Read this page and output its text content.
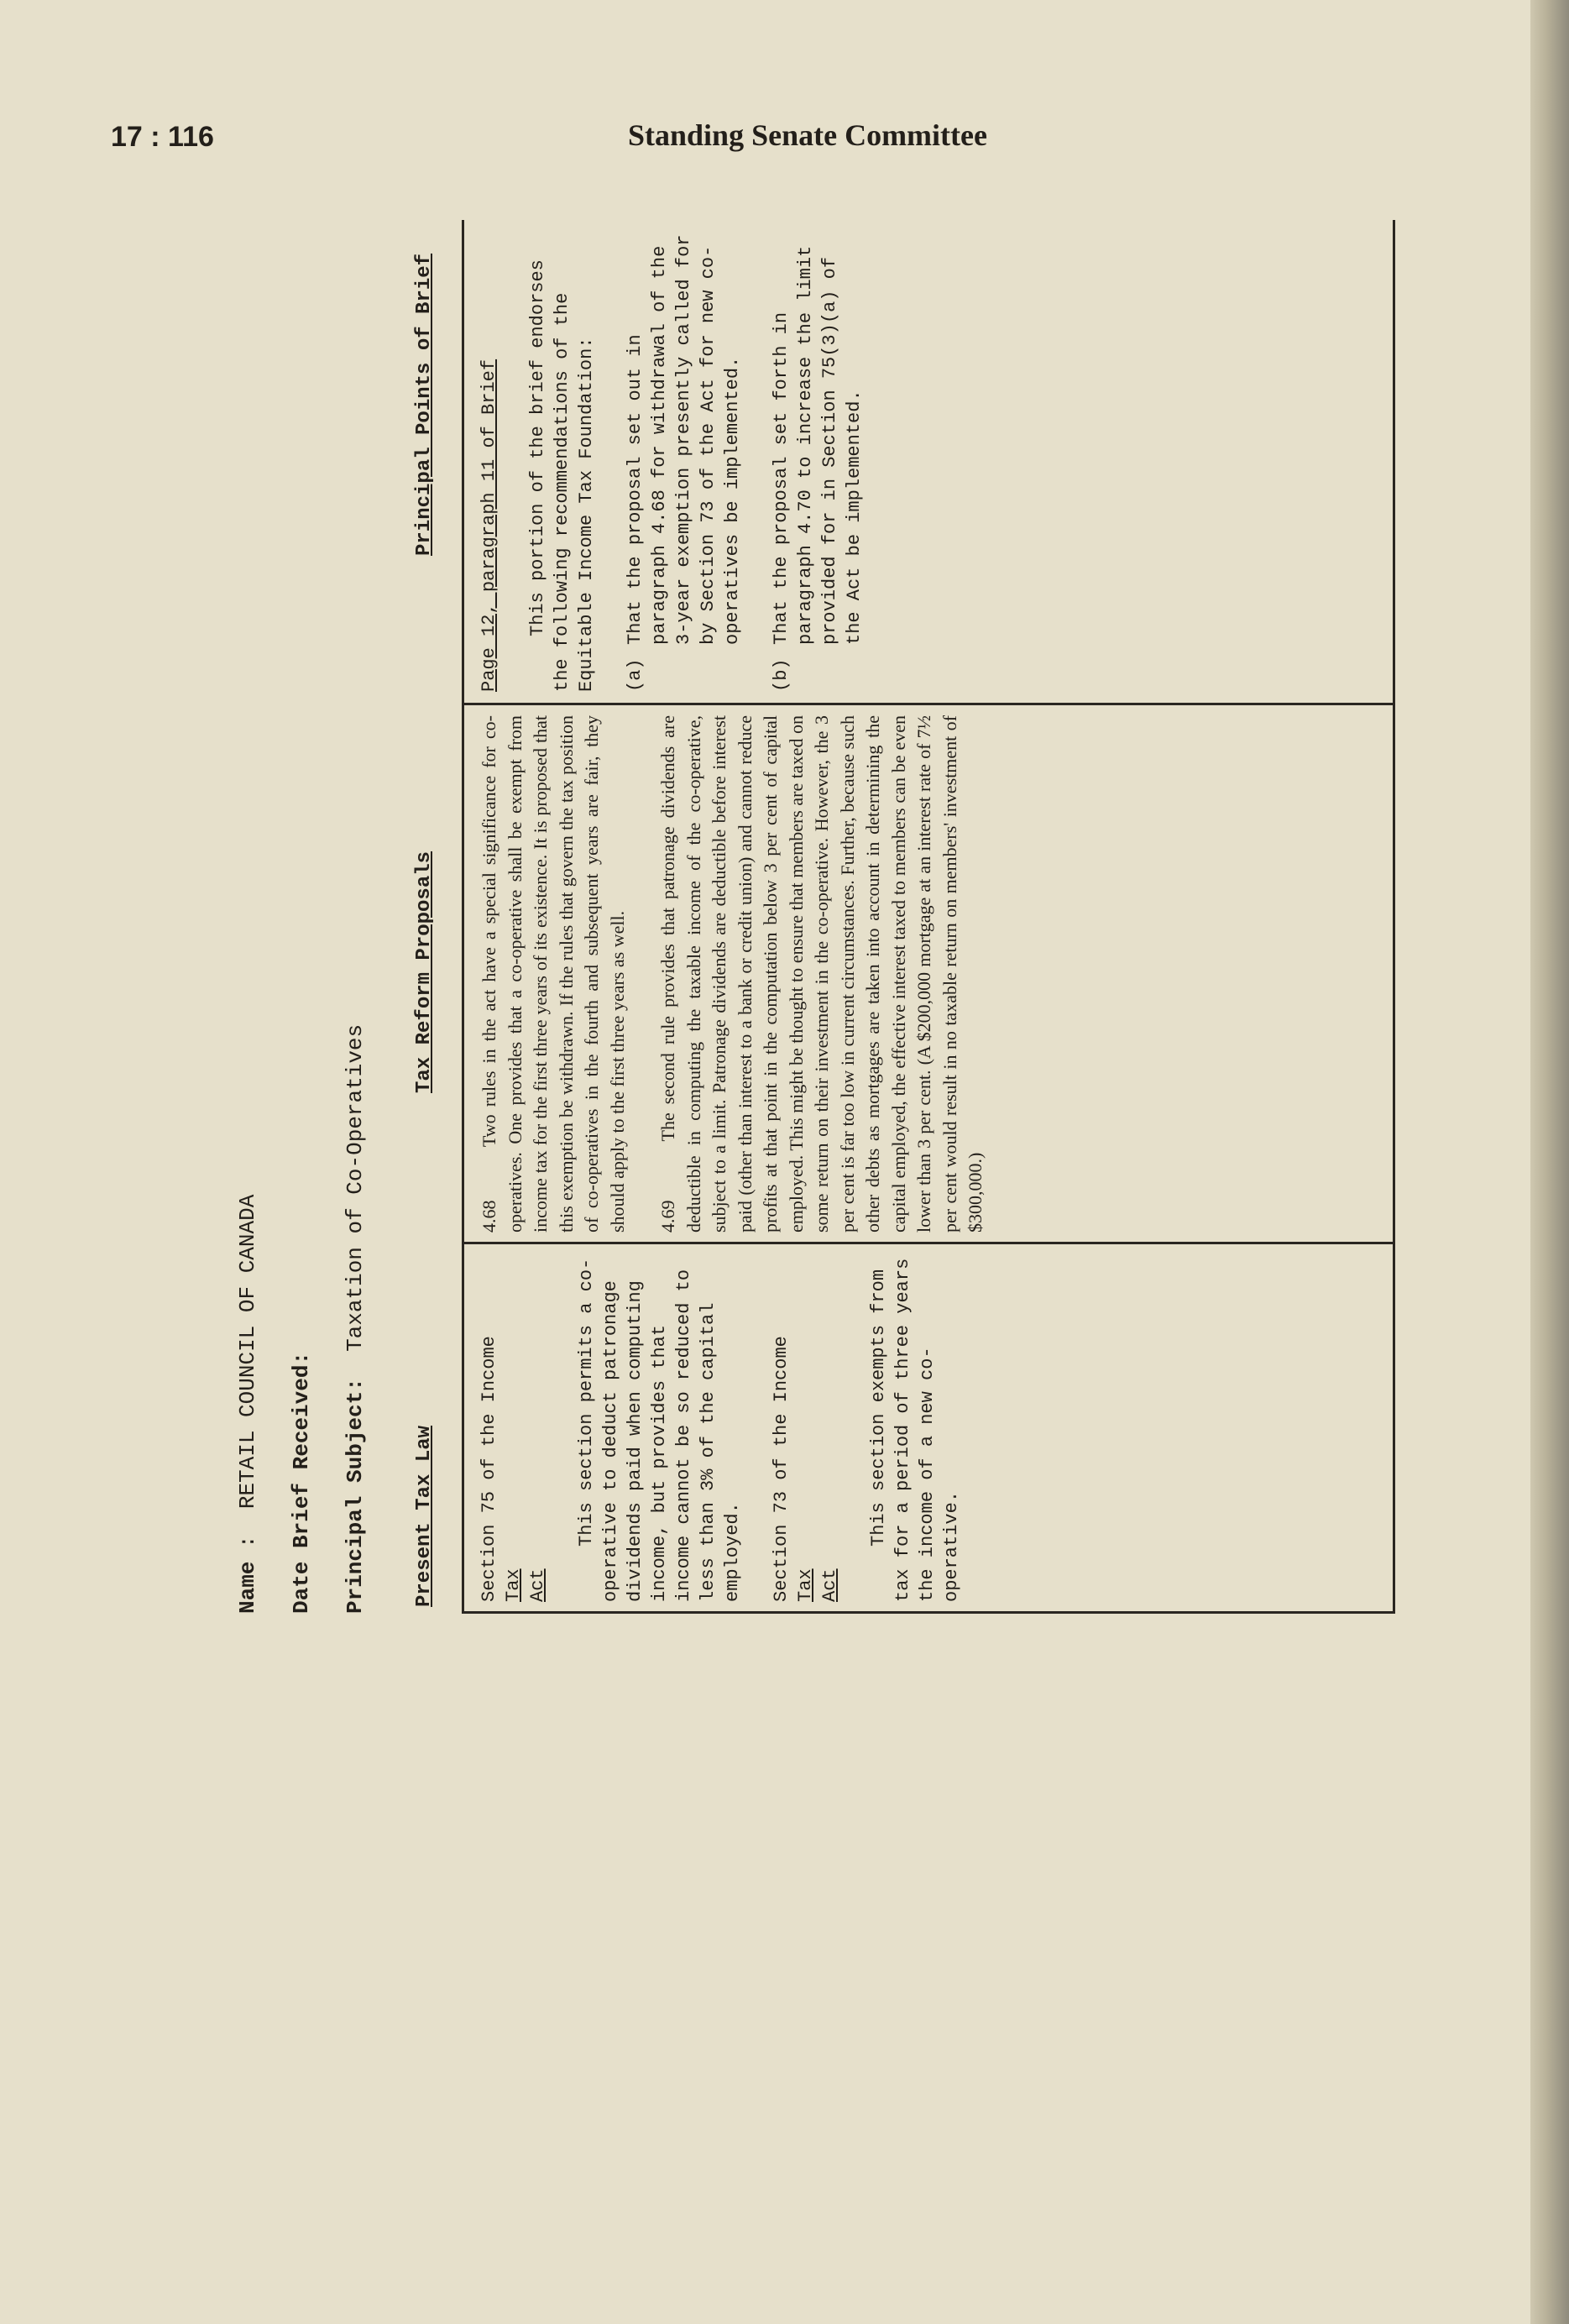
17 : 116	Standing Senate Committee
Name :  RETAIL COUNCIL OF CANADA Date Brief Received: Principal Subject:  Taxation of Co-Operatives
Present Tax Law
Tax Reform Proposals
Principal Points of Brief

Section 75 of the Income Tax Act

This section permits a co-operative to deduct patronage dividends paid when computing income, but provides that income cannot be so reduced to less than 3% of the capital employed. Section 73 of the Income Tax Act

This section exempts from tax for a period of three years the income of a new co-operative.

4.68       Two rules in the act have a special significance for co-operatives. One provides that a co-operative shall be exempt from income tax for the first three years of its existence. It is proposed that this exemption be withdrawn. If the rules that govern the tax position of co-operatives in the fourth and subsequent years are fair, they should apply to the first three years as well. 4.69       The second rule provides that patronage dividends are deductible in computing the taxable income of the co-operative, subject to a limit. Patronage dividends are deductible before interest paid (other than interest to a bank or credit union) and cannot reduce profits at that point in the computation below 3 per cent of capital employed. This might be thought to ensure that members are taxed on some return on their investment in the co-operative. However, the 3 per cent is far too low in current circumstances. Further, because such other debts as mortgages are taken into account in determining the capital employed, the effective interest taxed to members can be even lower than 3 per cent. (A $200,000 mortgage at an interest rate of 7½ per cent would result in no taxable return on members' investment of $300,000.)

Page 12, paragraph 11 of Brief This portion of the brief endorses the following recommendations of the Equitable Income Tax Foundation: (a)
That the proposal set out in paragraph 4.68 for withdrawal of the 3-year exemption presently called for by Section 73 of the Act for new co-operatives be implemented.
(b)
That the proposal set forth in paragraph 4.70 to increase the limit provided for in Section 75(3)(a) of the Act be implemented.
